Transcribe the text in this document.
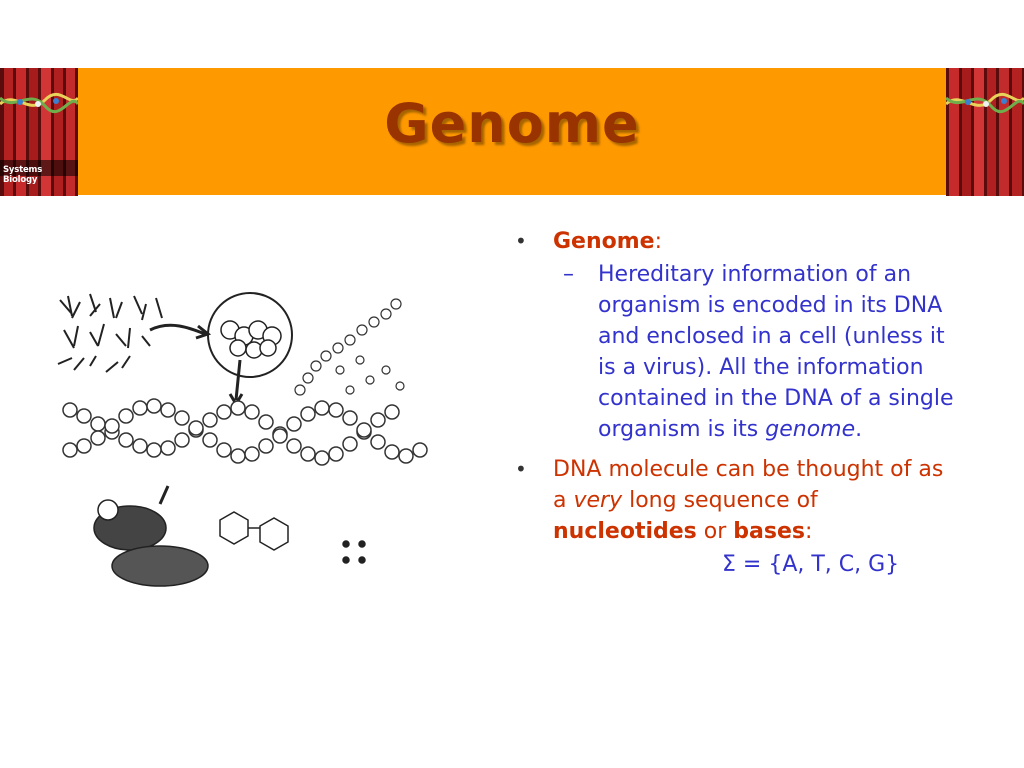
Systems Biology
Genome
• Genome:
– Hereditary information of an organism is encoded in its DNA and enclosed in a cell (unless it is a virus). All the information contained in the DNA of a single organism is its genome.
• DNA molecule can be thought of as a very long sequence of nucleotides or bases:
Σ = {A, T, C, G}
